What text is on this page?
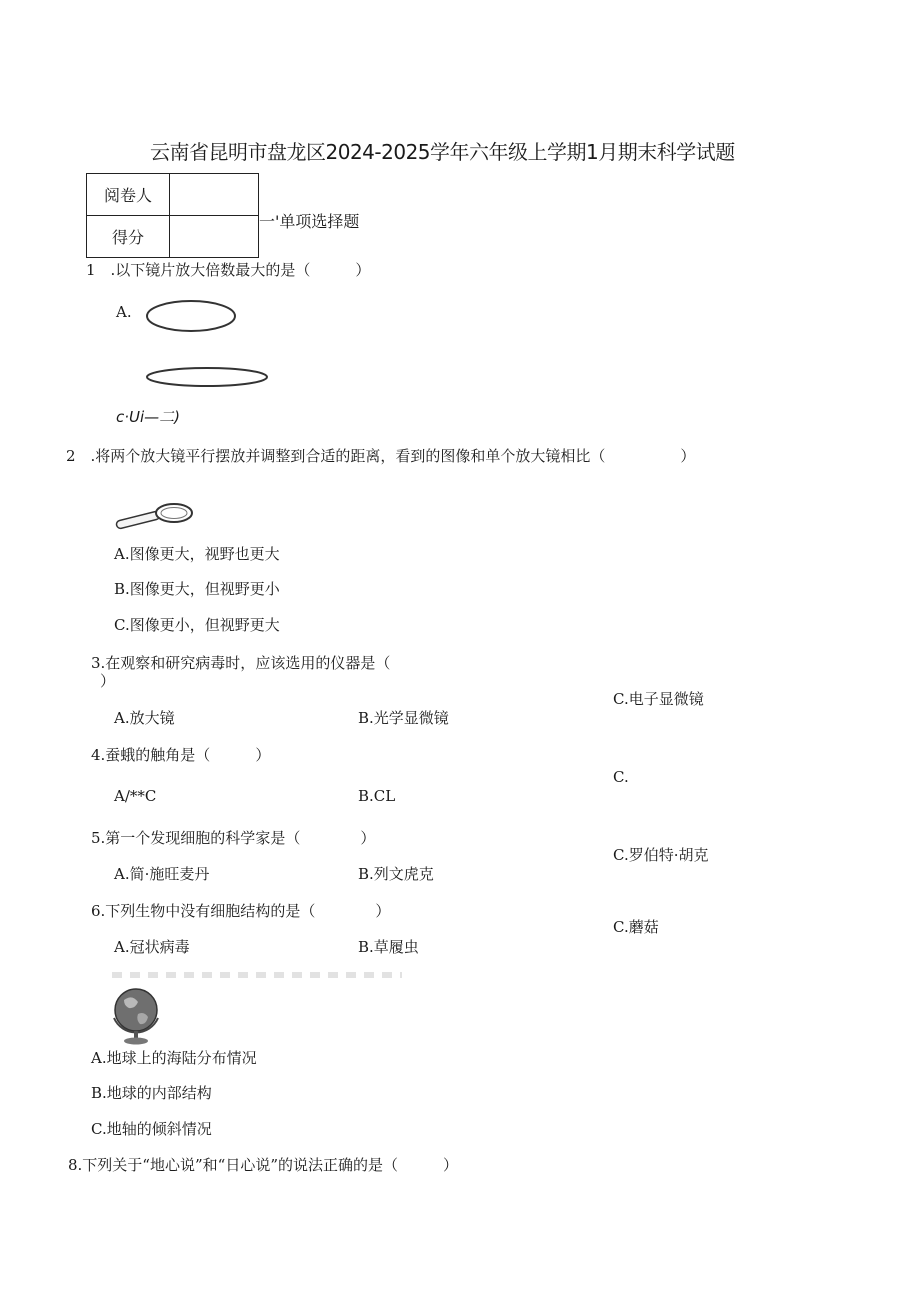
云南省昆明市盘龙区2024-2025学年六年级上学期1月期末科学试题
阅卷人	
得分	
一'单项选择题
1　.以下镜片放大倍数最大的是（　　　）
A.
c·Ui—二)
2　.将两个放大镜平行摆放并调整到合适的距离，看到的图像和单个放大镜相比（　　　　　）
A.图像更大，视野也更大
B.图像更大，但视野更小
C.图像更小，但视野更大
3.在观察和研究病毒时，应该选用的仪器是（
）
C.电子显微镜
A.放大镜	B.光学显微镜
4.蚕蛾的触角是（　　　）
C.
A∕**C	B.CL
5.第一个发现细胞的科学家是（　　　　）
C.罗伯特·胡克
A.简·施旺麦丹	B.列文虎克
6.下列生物中没有细胞结构的是（　　　　）
C.蘑菇
A.冠状病毒	B.草履虫
A.地球上的海陆分布情况
B.地球的内部结构
C.地轴的倾斜情况
8.下列关于“地心说”和“日心说”的说法正确的是（　　　）
